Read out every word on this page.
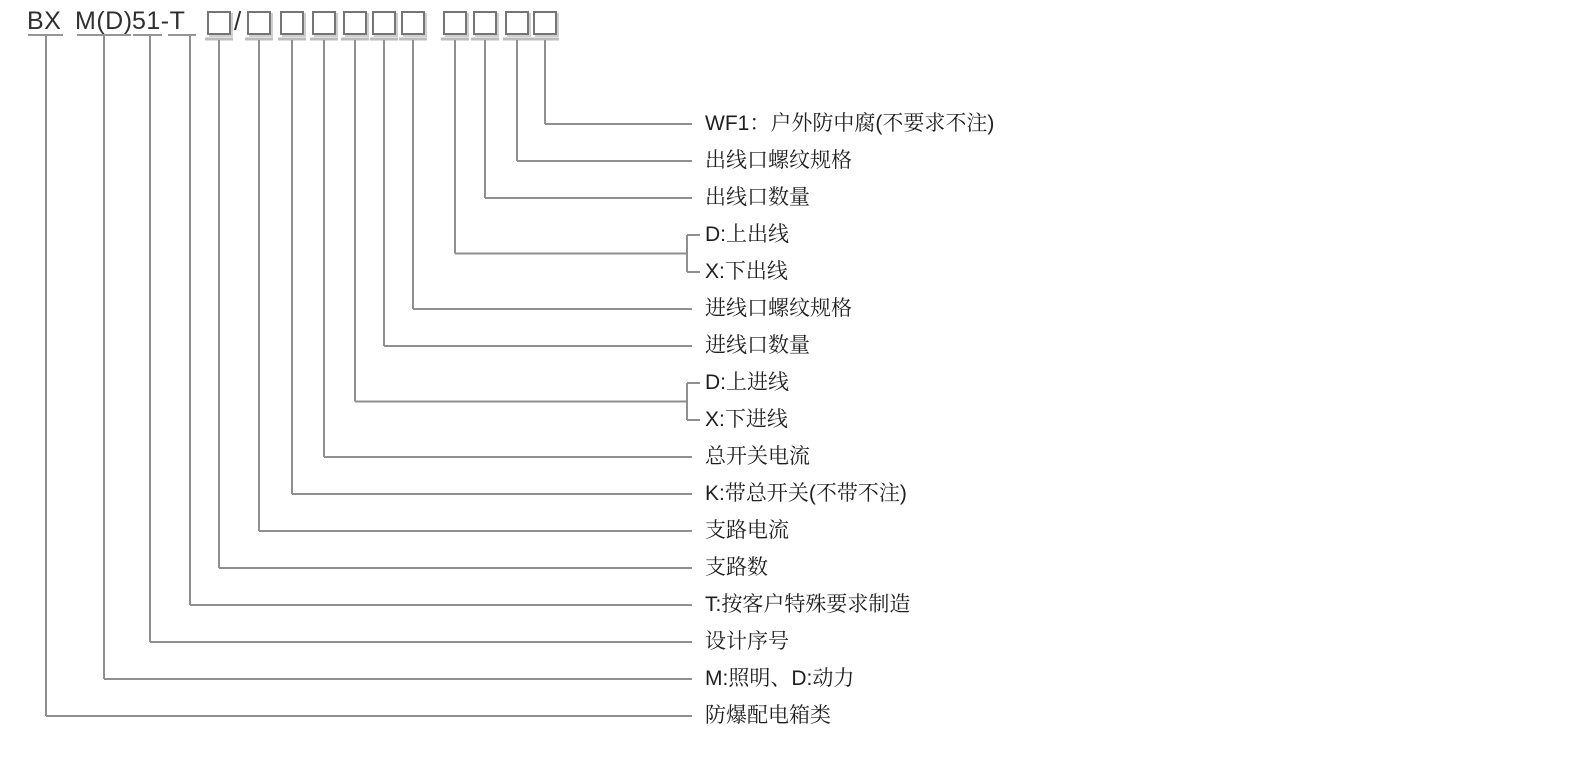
BX M(D) 51-T /
WF1：户外防中腐(不要求不注)
出线口螺纹规格
出线口数量
D:上出线
X:下出线
进线口螺纹规格
进线口数量
D:上进线
X:下进线
总开关电流
K:带总开关(不带不注)
支路电流
支路数
T:按客户特殊要求制造
设计序号
M:照明、D:动力
防爆配电箱类
